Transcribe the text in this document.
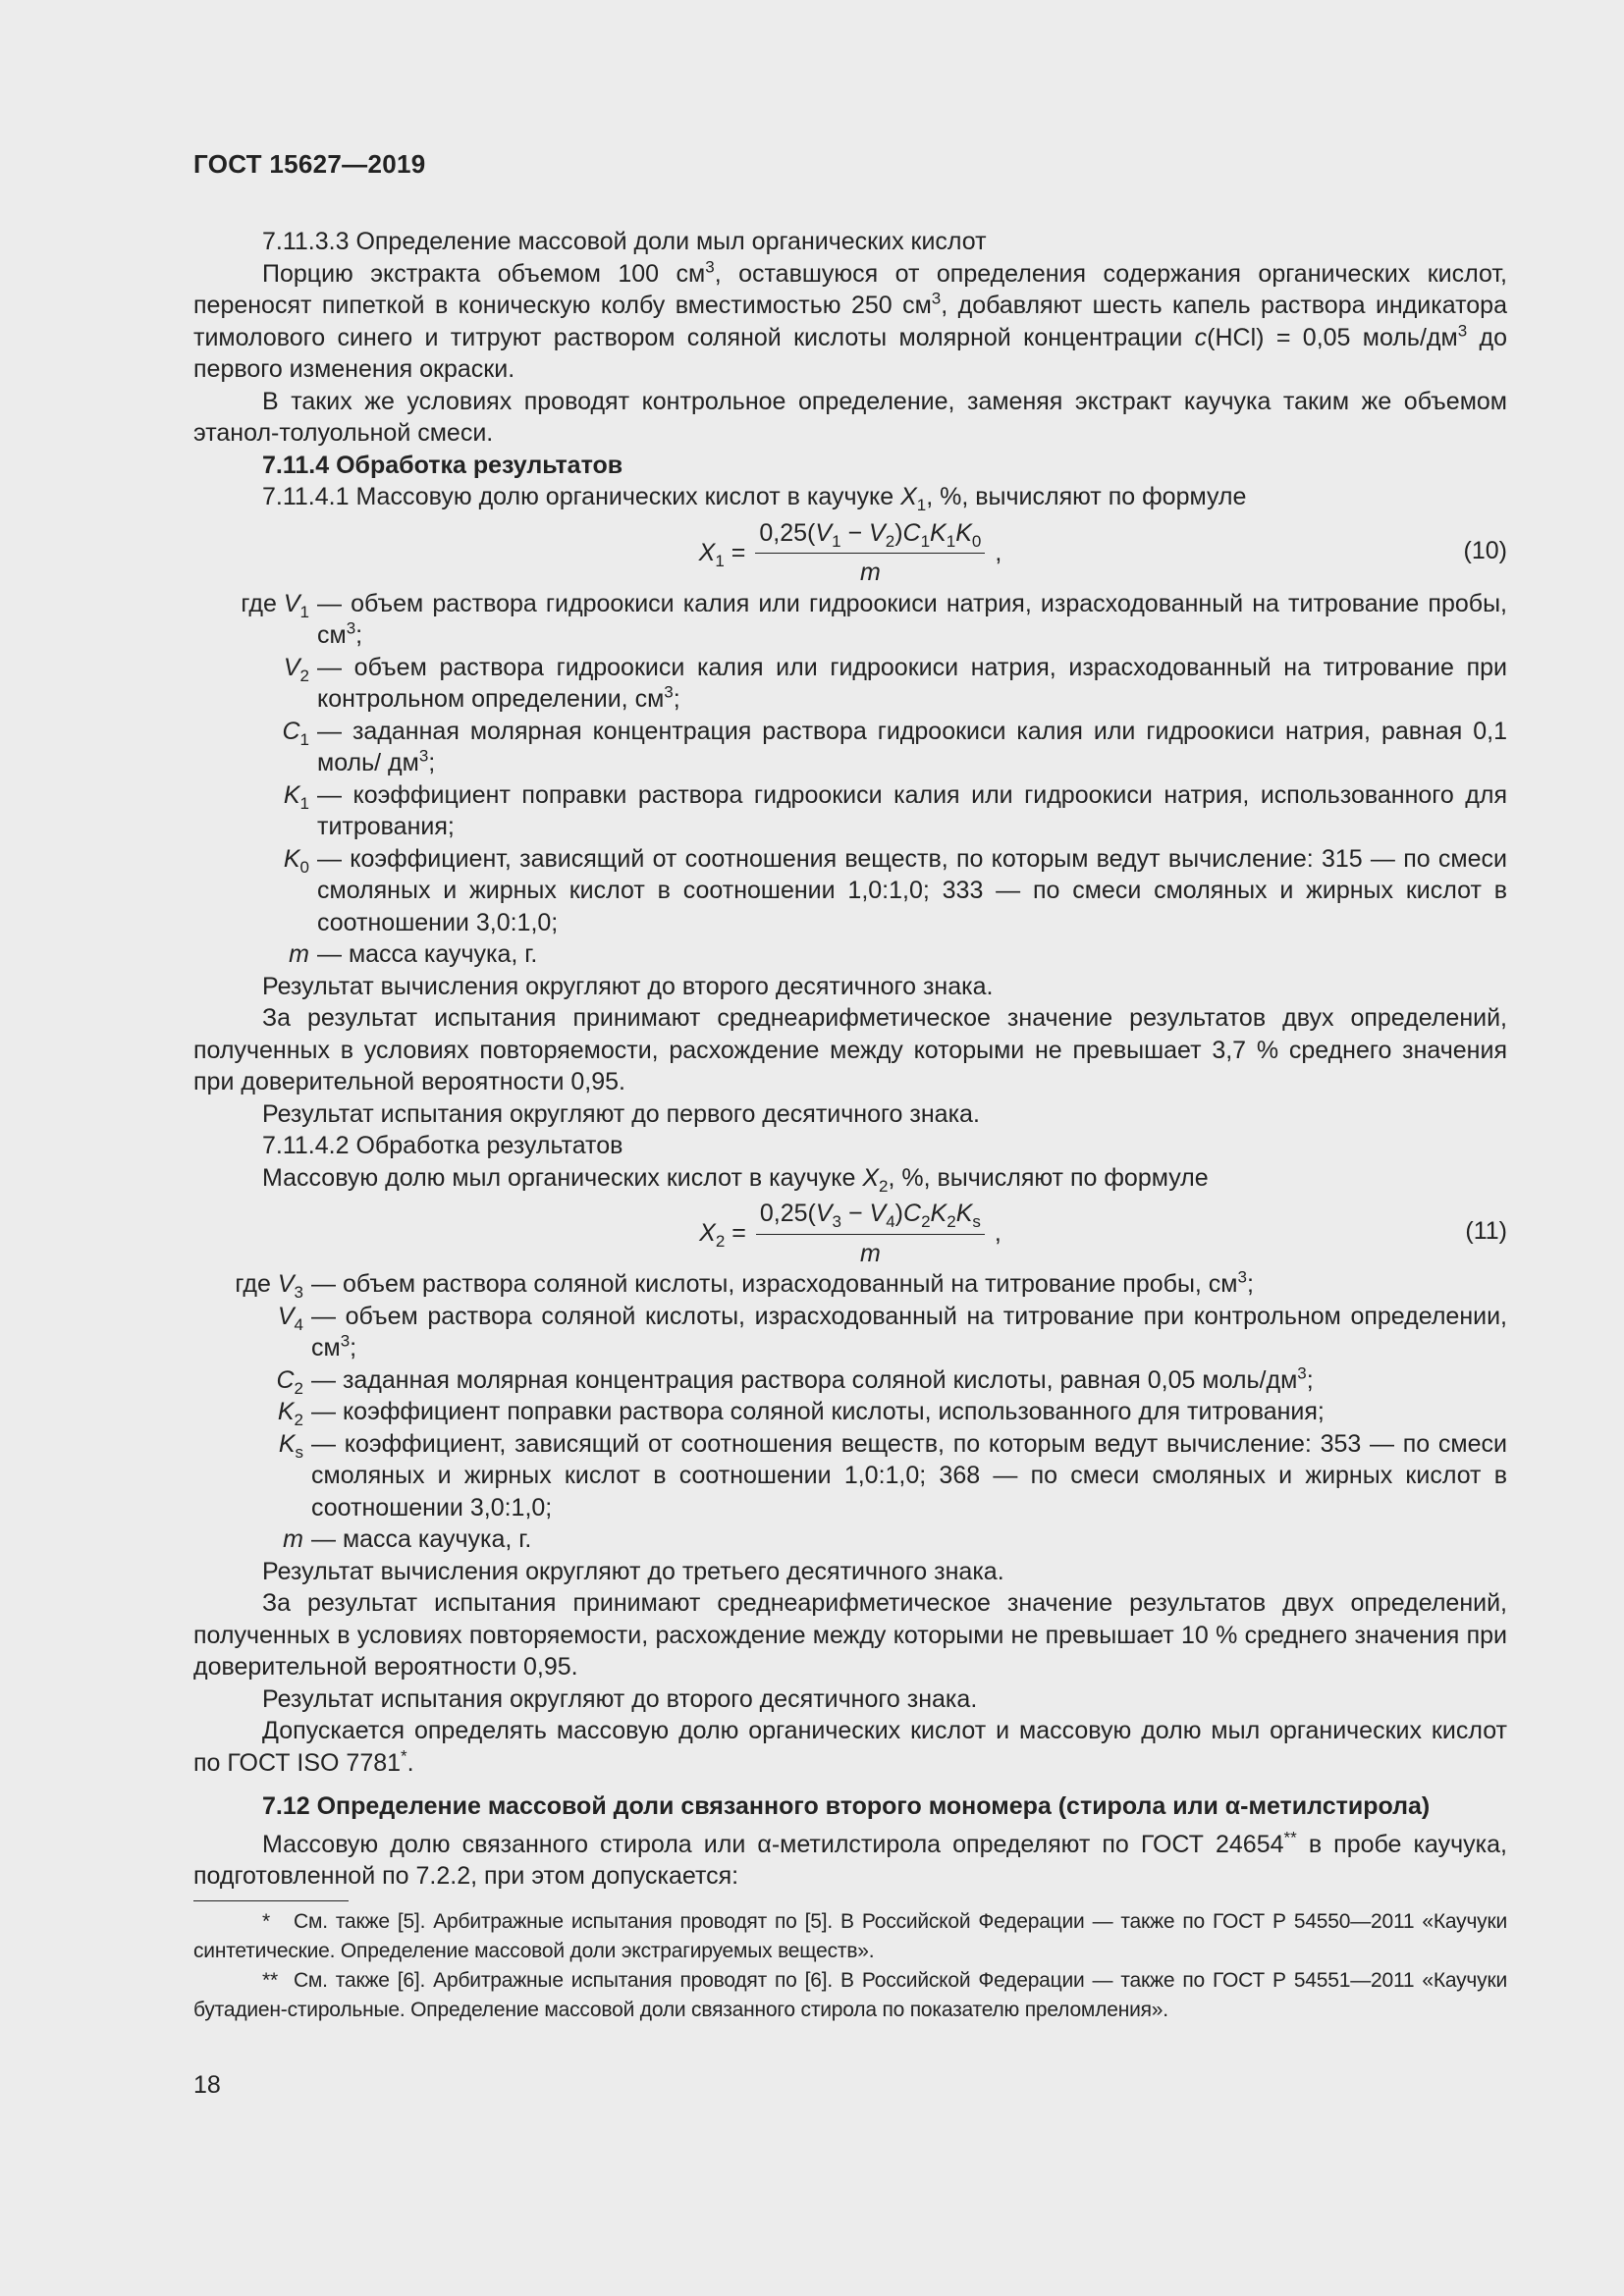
ГОСТ 15627—2019

7.11.3.3 Определение массовой доли мыл органических кислот

Порцию экстракта объемом 100 $см^3$, оставшуюся от определения содержания органических кислот, переносят пипеткой в коническую колбу вместимостью 250 $см^3$, добавляют шесть капель раствора индикатора тимолового синего и титруют раствором соляной кислоты молярной концентрации с(HCl) = 0,05 моль/$дм^3$ до первого изменения окраски.

В таких же условиях проводят контрольное определение, заменяя экстракт каучука таким же объемом этанол-толуольной смеси.

7.11.4 Обработка результатов

7.11.4.1 Массовую долю органических кислот в каучуке $X_1$, %, вычисляют по формуле

$X_1 = \frac{0,25(V_1 - V_2)C_1K_1K_0}{m}$ ,	(10)
где $V_1$ — объем раствора гидроокиси калия или гидроокиси натрия, израсходованный на титрование пробы, $см^3$;
$V_2$ — объем раствора гидроокиси калия или гидроокиси натрия, израсходованный на титрование при контрольном определении, $см^3$;
$C_1$ — заданная молярная концентрация раствора гидроокиси калия или гидроокиси натрия, равная 0,1 моль/ $дм^3$;
$K_1$ — коэффициент поправки раствора гидроокиси калия или гидроокиси натрия, использованного для титрования;
$K_0$ — коэффициент, зависящий от соотношения веществ, по которым ведут вычисление: 315 — по смеси смоляных и жирных кислот в соотношении 1,0:1,0; 333 — по смеси смоляных и жирных кислот в соотношении 3,0:1,0;
m — масса каучука, г.

Результат вычисления округляют до второго десятичного знака.

За результат испытания принимают среднеарифметическое значение результатов двух определений, полученных в условиях повторяемости, расхождение между которыми не превышает 3,7 % среднего значения при доверительной вероятности 0,95.

Результат испытания округляют до первого десятичного знака.

7.11.4.2 Обработка результатов

Массовую долю мыл органических кислот в каучуке $X_2$, %, вычисляют по формуле

$X_2 = \frac{0,25(V_3 - V_4)C_2K_2K_s}{m}$ ,	(11)
где $V_3$ — объем раствора соляной кислоты, израсходованный на титрование пробы, $см^3$;
$V_4$ — объем раствора соляной кислоты, израсходованный на титрование при контрольном определении, $см^3$;
$C_2$ — заданная молярная концентрация раствора соляной кислоты, равная 0,05 моль/$дм^3$;
$K_2$ — коэффициент поправки раствора соляной кислоты, использованного для титрования;
$K_s$ — коэффициент, зависящий от соотношения веществ, по которым ведут вычисление: 353 — по смеси смоляных и жирных кислот в соотношении 1,0:1,0; 368 — по смеси смоляных и жирных кислот в соотношении 3,0:1,0;
m — масса каучука, г.

Результат вычисления округляют до третьего десятичного знака.

За результат испытания принимают среднеарифметическое значение результатов двух определений, полученных в условиях повторяемости, расхождение между которыми не превышает 10 % среднего значения при доверительной вероятности 0,95.

Результат испытания округляют до второго десятичного знака.

Допускается определять массовую долю органических кислот и массовую долю мыл органических кислот по ГОСТ ISO 7781*.

7.12 Определение массовой доли связанного второго мономера (стирола или α-метилстирола)

Массовую долю связанного стирола или α-метилстирола определяют по ГОСТ 24654** в пробе каучука, подготовленной по 7.2.2, при этом допускается:

* См. также [5]. Арбитражные испытания проводят по [5]. В Российской Федерации — также по ГОСТ Р 54550—2011 «Каучуки синтетические. Определение массовой доли экстрагируемых веществ».

** См. также [6]. Арбитражные испытания проводят по [6]. В Российской Федерации — также по ГОСТ Р 54551—2011 «Каучуки бутадиен-стирольные. Определение массовой доли связанного стирола по показателю преломления».

18
